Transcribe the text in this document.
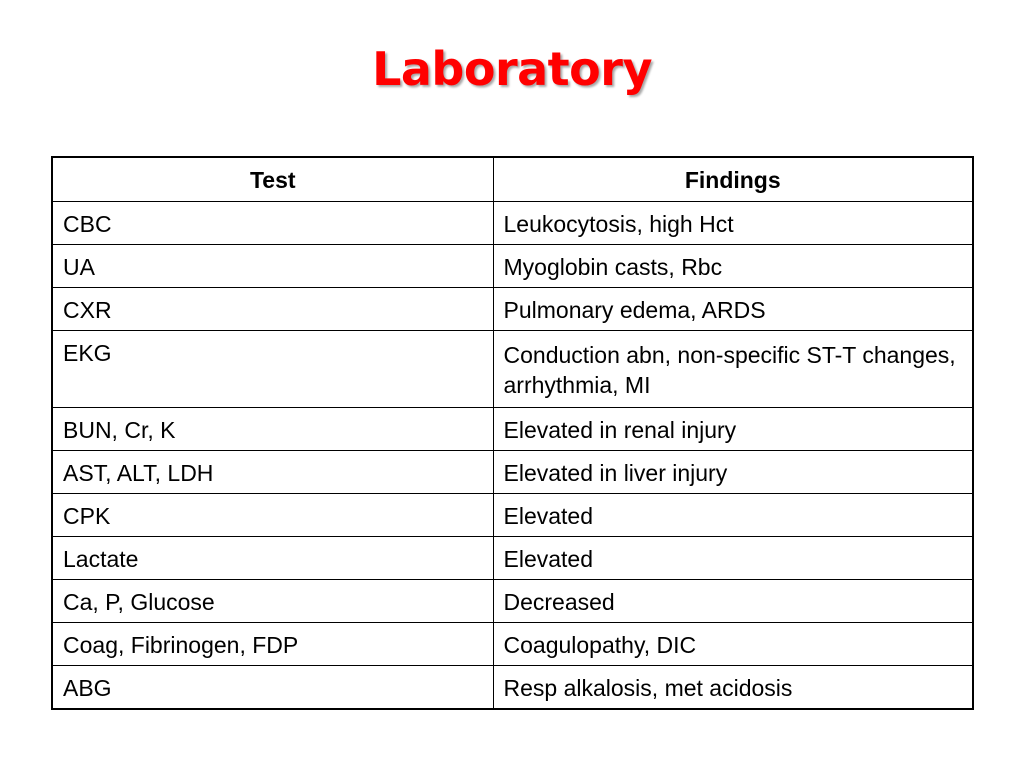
Laboratory
Test	Findings
CBC	Leukocytosis, high Hct
UA	Myoglobin casts, Rbc
CXR	Pulmonary edema, ARDS
EKG	Conduction abn, non-specific ST-T changes, arrhythmia, MI
BUN, Cr, K	Elevated in renal injury
AST, ALT, LDH	Elevated in liver injury
CPK	Elevated
Lactate	Elevated
Ca, P, Glucose	Decreased
Coag, Fibrinogen, FDP	Coagulopathy, DIC
ABG	Resp alkalosis, met acidosis
